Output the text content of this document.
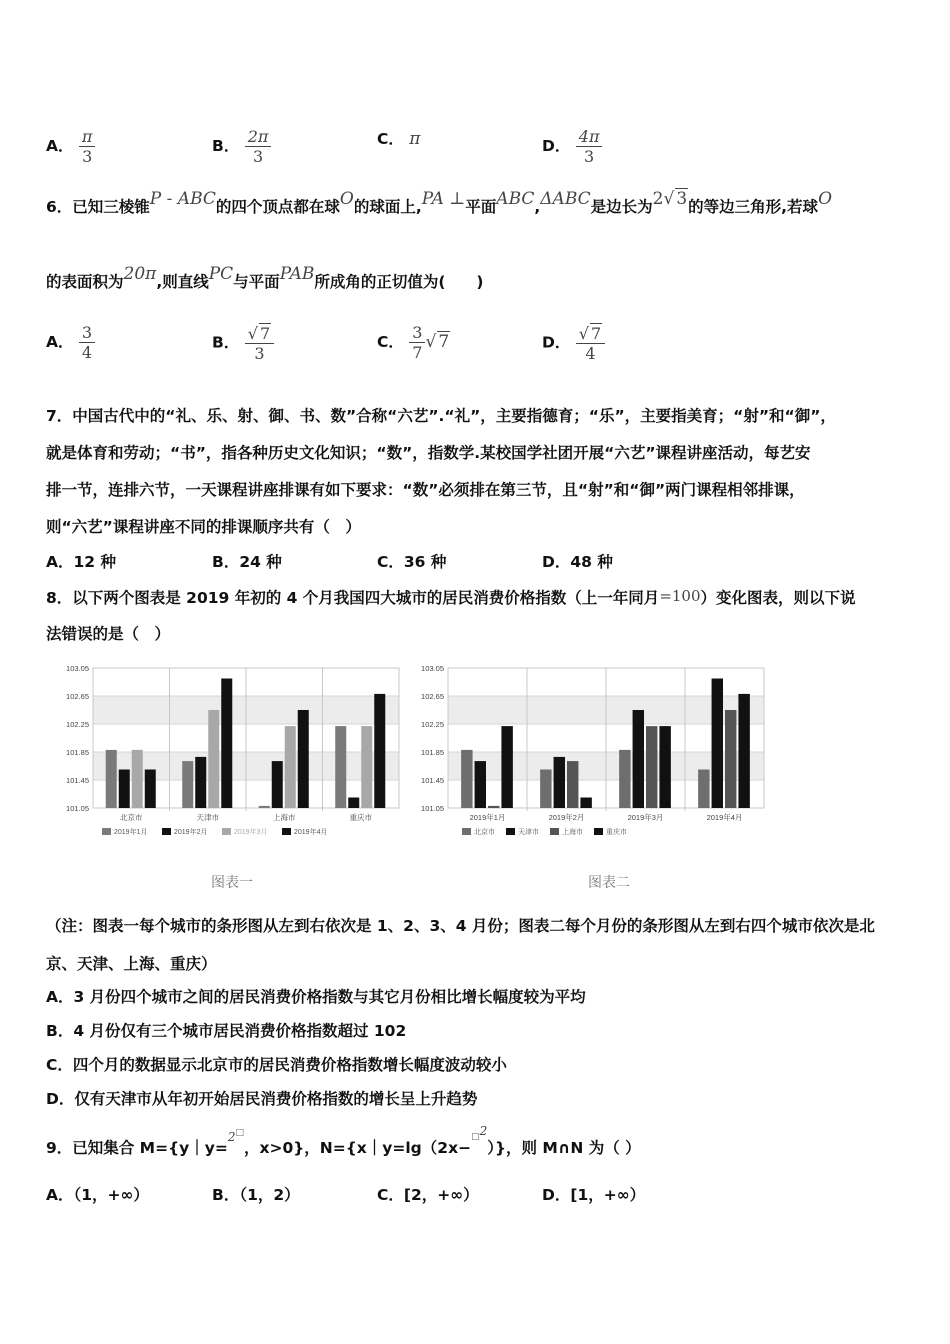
A． $\frac{\pi}{3}$	B． $\frac{2\pi}{3}$	C． π	D． $\frac{4\pi}{3}$
6．已知三棱锥P - ABC的四个顶点都在球O的球面上,PA ⊥平面ABC,ΔABC是边长为2√ 3的等边三角形,若球O
的表面积为20π,则直线PC与平面PAB所成角的正切值为(　　)
A． $\frac{3}{4}$	B． $\frac{√ 7}{3}$	C． $\frac{3}{7}$ √ 7	D． $\frac{√ 7}{4}$
7．中国古代中的“礼、乐、射、御、书、数”合称“六艺”.“礼”，主要指德育；“乐”，主要指美育；“射”和“御”，
就是体育和劳动；“书”，指各种历史文化知识；“数”，指数学.某校国学社团开展“六艺”课程讲座活动，每艺安
排一节，连排六节，一天课程讲座排课有如下要求：“数”必须排在第三节，且“射”和“御”两门课程相邻排课，
则“六艺”课程讲座不同的排课顺序共有（　）
A．12 种	B．24 种	C．36 种	D．48 种
8．以下两个图表是 2019 年初的 4 个月我国四大城市的居民消费价格指数（上一年同月=100）变化图表，则以下说
法错误的是（　）
101.05
101.45
101.85
102.25
102.65
103.05
北京市	天津市	上海市	重庆市
2019年1月	2019年2月	2019年3月	2019年4月
101.05
101.45
101.85
102.25
102.65
103.05
2019年1月	2019年2月	2019年3月	2019年4月
北京市	天津市	上海市	重庆市
图表一	图表二
（注：图表一每个城市的条形图从左到右依次是 1、2、3、4 月份；图表二每个月份的条形图从左到右四个城市依次是北
京、天津、上海、重庆）
A．3 月份四个城市之间的居民消费价格指数与其它月份相比增长幅度较为平均
B．4 月份仅有三个城市居民消费价格指数超过 102
C．四个月的数据显示北京市的居民消费价格指数增长幅度波动较小
D．仅有天津市从年初开始居民消费价格指数的增长呈上升趋势
9．已知集合 M={y｜y=$^{2□}$，x>0}，N={x｜y=lg（2x−$^{□2}$）}，则 M∩N 为（ ）
A．（1，+∞）	B．（1，2）	C．[2，+∞）	D．[1，+∞）
